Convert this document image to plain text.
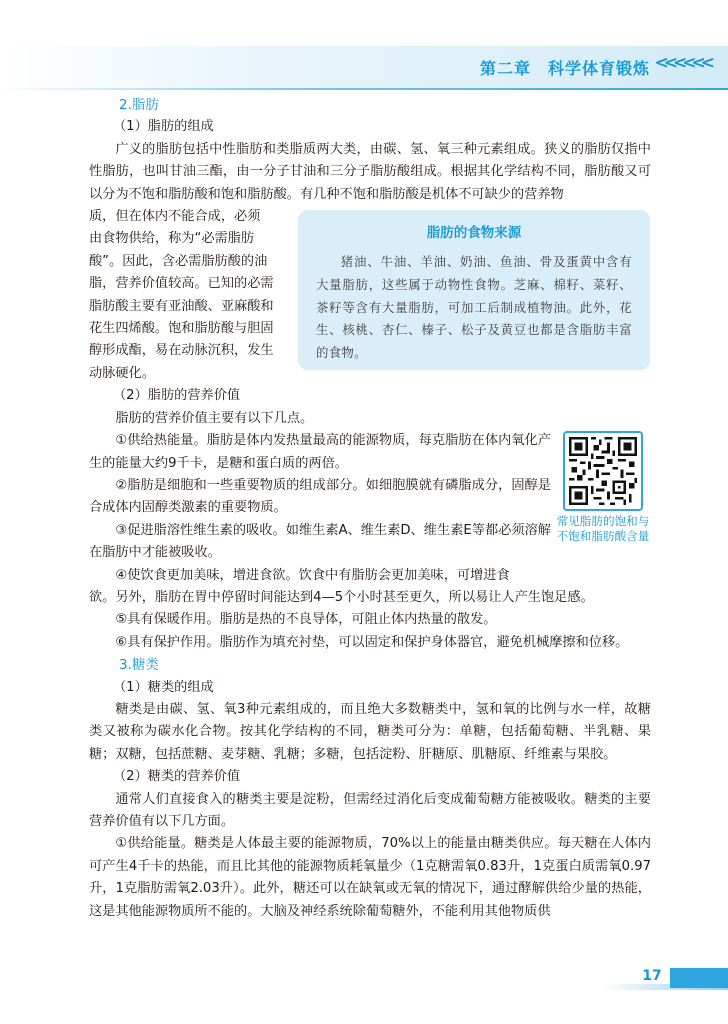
第二章　科学体育锻炼 <<<<<<
2.脂肪
（1）脂肪的组成

广义的脂肪包括中性脂肪和类脂质两大类，由碳、氢、氧三种元素组成。狭义的脂肪仅指中性脂肪，也叫甘油三酯，由一分子甘油和三分子脂肪酸组成。根据其化学结构不同，脂肪酸又可以分为不饱和脂肪酸和饱和脂肪酸。有几种不饱和脂肪酸是机体不可缺少的营养物

质，但在体内不能合成，必须
由食物供给，称为“必需脂肪
酸”。因此，含必需脂肪酸的油
脂，营养价值较高。已知的必需
脂肪酸主要有亚油酸、亚麻酸和
花生四烯酸。饱和脂肪酸与胆固
醇形成酯，易在动脉沉积，发生
动脉硬化。
脂肪的食物来源
猪油、牛油、羊油、奶油、鱼油、骨及蛋黄中含有大量脂肪，这些属于动物性食物。芝麻、棉籽、菜籽、茶籽等含有大量脂肪，可加工后制成植物油。此外，花生、核桃、杏仁、榛子、松子及黄豆也都是含脂肪丰富的食物。
（2）脂肪的营养价值

脂肪的营养价值主要有以下几点。

①供给热能量。脂肪是体内发热量最高的能源物质，每克脂肪在体内氧化产生的能量大约9千卡，是糖和蛋白质的两倍。

②脂肪是细胞和一些重要物质的组成部分。如细胞膜就有磷脂成分，固醇是合成体内固醇类激素的重要物质。

③促进脂溶性维生素的吸收。如维生素A、维生素D、维生素E等都必须溶解在脂肪中才能被吸收。

④使饮食更加美味，增进食欲。饮食中有脂肪会更加美味，可增进食

欲。另外，脂肪在胃中停留时间能达到4—5个小时甚至更久，所以易让人产生饱足感。

⑤具有保暖作用。脂肪是热的不良导体，可阻止体内热量的散发。

⑥具有保护作用。脂肪作为填充衬垫，可以固定和保护身体器官，避免机械摩擦和位移。

3.糖类
（1）糖类的组成

糖类是由碳、氢、氧3种元素组成的，而且绝大多数糖类中，氢和氧的比例与水一样，故糖类又被称为碳水化合物。按其化学结构的不同，糖类可分为：单糖，包括葡萄糖、半乳糖、果糖；双糖，包括蔗糖、麦芽糖、乳糖；多糖，包括淀粉、肝糖原、肌糖原、纤维素与果胶。

（2）糖类的营养价值

通常人们直接食入的糖类主要是淀粉，但需经过消化后变成葡萄糖方能被吸收。糖类的主要营养价值有以下几方面。

①供给能量。糖类是人体最主要的能源物质，70%以上的能量由糖类供应。每天糖在人体内可产生4千卡的热能，而且比其他的能源物质耗氧量少（1克糖需氧0.83升，1克蛋白质需氧0.97升，1克脂肪需氧2.03升）。此外，糖还可以在缺氧或无氧的情况下，通过酵解供给少量的热能，这是其他能源物质所不能的。大脑及神经系统除葡萄糖外，不能利用其他物质供

常见脂肪的饱和与不饱和脂肪酸含量
17
